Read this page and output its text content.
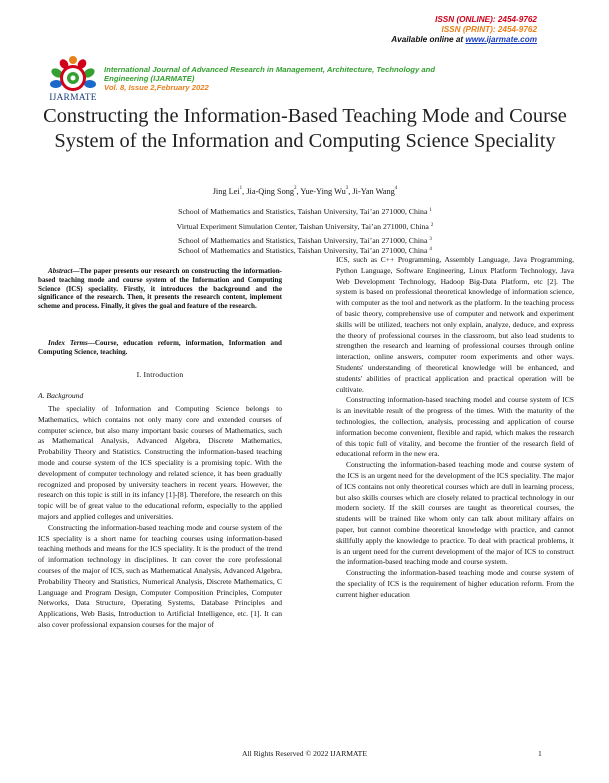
ISSN (ONLINE): 2454-9762
ISSN (PRINT): 2454-9762
Available online at www.ijarmate.com
IJARMATE
International Journal of Advanced Research in Management, Architecture, Technology and
Engineering (IJARMATE)
Vol. 8, Issue 2,February 2022
Constructing the Information-Based Teaching Mode and Course System of the Information and Computing Science Speciality
Jing Lei$^1$, Jia-Qing Song$^2$, Yue-Ying Wu$^3$, Ji-Yan Wang$^4$
School of Mathematics and Statistics, Taishan University, Tai’an 271000, China $^1$
Virtual Experiment Simulation Center, Taishan University, Tai’an 271000, China $^2$
School of Mathematics and Statistics, Taishan University, Tai’an 271000, China $^3$
School of Mathematics and Statistics, Taishan University, Tai’an 271000, China $^4$

Abstract—The paper presents our research on constructing the information-based teaching mode and course system of the Information and Computing Science (ICS) speciality. Firstly, it introduces the background and the significance of the research. Then, it presents the research content, implement scheme and process. Finally, it gives the goal and feature of the research.

Index Terms—Course, education reform, information, Information and Computing Science, teaching.

I. Introduction
A. Background

The speciality of Information and Computing Science belongs to Mathematics, which contains not only many core and extended courses of computer science, but also many important basic courses of Mathematics, such as Mathematical Analysis, Advanced Algebra, Discrete Mathematics, Probability Theory and Statistics. Constructing the information-based teaching mode and course system of the ICS speciality is a promising topic. With the development of computer technology and related science, it has been gradually recognized and proposed by university teachers in recent years. However, the research on this topic is still in its infancy [1]-[8]. Therefore, the research on this topic will be of great value to the educational reform, especially to the applied majors and applied colleges and universities.

Constructing the information-based teaching mode and course system of the ICS speciality is a short name for teaching courses using information-based teaching methods and means for the ICS speciality. It is the product of the trend of information technology in disciplines. It can cover the core professional courses of the major of ICS, such as Mathematical Analysis, Advanced Algebra, Probability Theory and Statistics, Numerical Analysis, Discrete Mathematics, C Language and Program Design, Computer Composition Principles, Computer Networks, Data Structure, Operating Systems, Database Principles and Applications, Web Basis, Introduction to Artificial Intelligence, etc. [1]. It can also cover professional expansion courses for the major of

ICS, such as C++ Programming, Assembly Language, Java Programming, Python Language, Software Engineering, Linux Platform Technology, Java Web Development Technology, Hadoop Big-Data Platform, etc [2]. The system is based on professional theoretical knowledge of information science, with computer as the tool and network as the platform. In the teaching process of basic theory, comprehensive use of computer and network and experiment skills will be utilized, teachers not only explain, analyze, deduce, and express the theory of professional courses in the classroom, but also lead students to strengthen the research and learning of professional courses through online interaction, online answers, computer room experiments and other ways. Students' understanding of theoretical knowledge will be enhanced, and students' abilities of practical application and practical operation will be cultivate.

Constructing information-based teaching model and course system of ICS is an inevitable result of the progress of the times. With the maturity of the technologies, the collection, analysis, processing and application of course information become convenient, flexible and rapid, which makes the research of this topic full of vitality, and become the frontier of the research field of educational reform in the new era.

Constructing the information-based teaching mode and course system of the ICS is an urgent need for the development of the ICS speciality. The major of ICS contains not only theoretical courses which are dull in learning process, but also skills courses which are closely related to practical technology in our modern society. If the skill courses are taught as theoretical courses, the students will be trained like whom only can talk about military affairs on paper, but cannot combine theoretical knowledge with practice, and cannot skillfully apply the knowledge to practice. To deal with practical problems, it is an urgent need for the current development of the major of ICS to construct the information-based teaching mode and course system.

Constructing the information-based teaching mode and course system of the speciality of ICS is the requirement of higher education reform. From the current higher education

All Rights Reserved © 2022 IJARMATE	1
